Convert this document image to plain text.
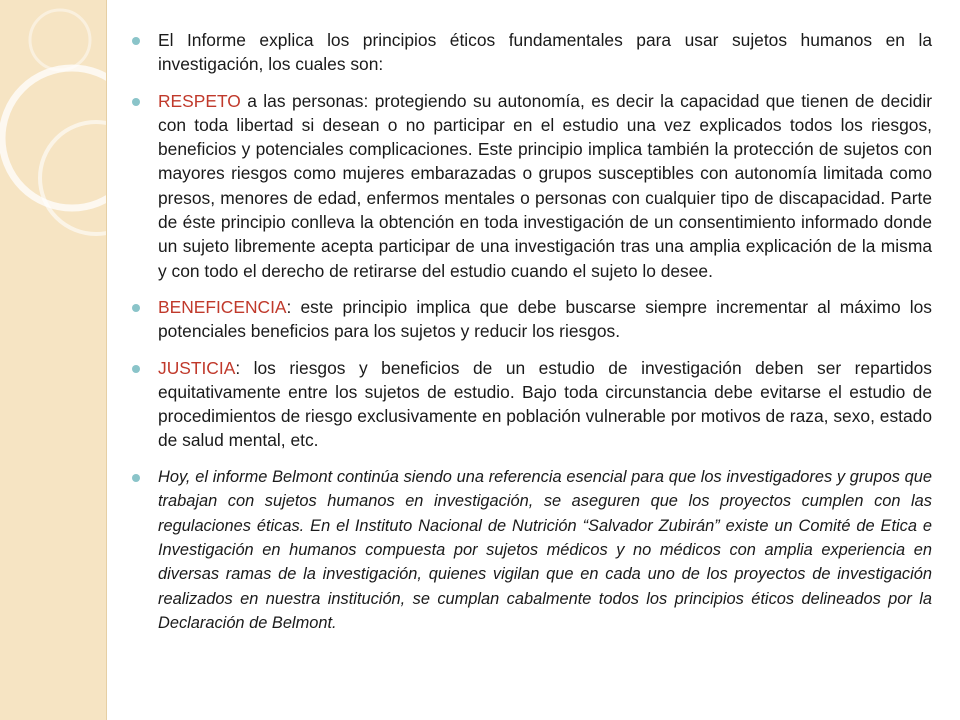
El Informe explica los principios éticos fundamentales para usar sujetos humanos en la investigación, los cuales son:
RESPETO a las personas: protegiendo su autonomía, es decir la capacidad que tienen de decidir con toda libertad si desean o no participar en el estudio una vez explicados todos los riesgos, beneficios y potenciales complicaciones. Este principio implica también la protección de sujetos con mayores riesgos como mujeres embarazadas o grupos susceptibles con autonomía limitada como presos, menores de edad, enfermos mentales o personas con cualquier tipo de discapacidad. Parte de éste principio conlleva la obtención en toda investigación de un consentimiento informado donde un sujeto libremente acepta participar de una investigación tras una amplia explicación de la misma y con todo el derecho de retirarse del estudio cuando el sujeto lo desee.
BENEFICENCIA: este principio implica que debe buscarse siempre incrementar al máximo los potenciales beneficios para los sujetos y reducir los riesgos.
JUSTICIA: los riesgos y beneficios de un estudio de investigación deben ser repartidos equitativamente entre los sujetos de estudio. Bajo toda circunstancia debe evitarse el estudio de procedimientos de riesgo exclusivamente en población vulnerable por motivos de raza, sexo, estado de salud mental, etc.
Hoy, el informe Belmont continúa siendo una referencia esencial para que los investigadores y grupos que trabajan con sujetos humanos en investigación, se aseguren que los proyectos cumplen con las regulaciones éticas. En el Instituto Nacional de Nutrición “Salvador Zubirán” existe un Comité de Etica e Investigación en humanos compuesta por sujetos médicos y no médicos con amplia experiencia en diversas ramas de la investigación, quienes vigilan que en cada uno de los proyectos de investigación realizados en nuestra institución, se cumplan cabalmente todos los principios éticos delineados por la Declaración de Belmont.
